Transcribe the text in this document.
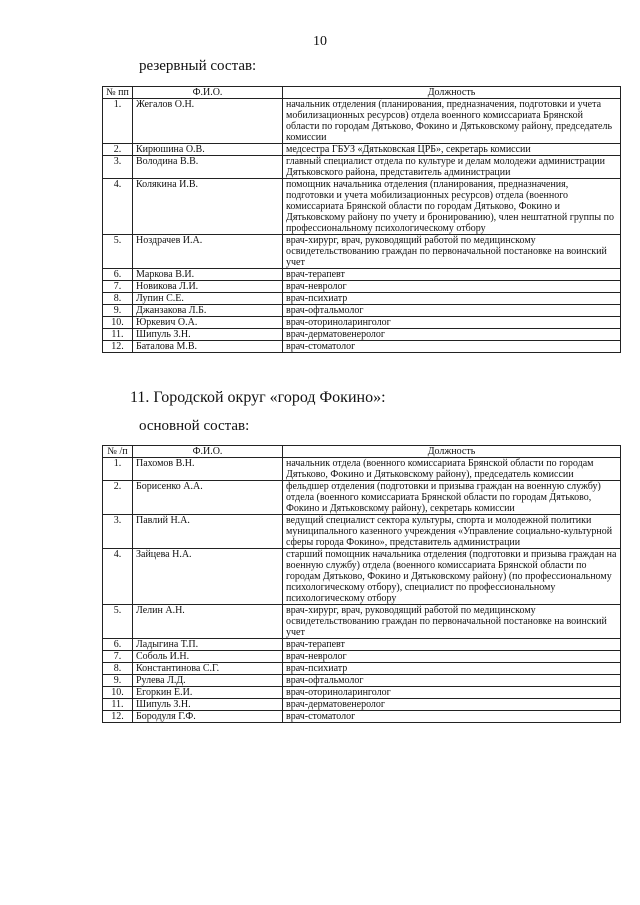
10
резервный состав:
№ пп	Ф.И.О.	Должность
1.	Жегалов О.Н.	начальник отделения (планирования, предназначения, подготовки и учета мобилизационных ресурсов) отдела военного комиссариата Брянской области по городам Дятьково, Фокино и Дятьковскому району, председатель комиссии
2.	Кирюшина О.В.	медсестра ГБУЗ «Дятьковская ЦРБ», секретарь комиссии
3.	Володина В.В.	главный специалист отдела по культуре и делам молодежи администрации Дятьковского района, представитель администрации
4.	Колякина И.В.	помощник начальника отделения (планирования, предназначения, подготовки и учета мобилизационных ресурсов) отдела (военного комиссариата Брянской области по городам Дятьково, Фокино и Дятьковскому району по учету и бронированию), член нештатной группы по профессиональному психологическому отбору
5.	Ноздрачев И.А.	врач-хирург, врач, руководящий работой по медицинскому освидетельствованию граждан по первоначальной постановке на воинский учет
6.	Маркова В.И.	врач-терапевт
7.	Новикова Л.И.	врач-невролог
8.	Лупин С.Е.	врач-психиатр
9.	Джанзакова Л.Б.	врач-офтальмолог
10.	Юркевич О.А.	врач-оториноларинголог
11.	Шипуль З.Н.	врач-дерматовенеролог
12.	Баталова М.В.	врач-стоматолог
11. Городской округ «город Фокино»:
основной состав:
№ /п	Ф.И.О.	Должность
1.	Пахомов В.Н.	начальник отдела (военного комиссариата Брянской области по городам Дятьково, Фокино и Дятьковскому району), председатель комиссии
2.	Борисенко А.А.	фельдшер отделения (подготовки и призыва граждан на военную службу) отдела (военного комиссариата Брянской области по городам Дятьково, Фокино и Дятьковскому району), секретарь комиссии
3.	Павлий Н.А.	ведущий специалист сектора культуры, спорта и молодежной политики муниципального казенного учреждения «Управление социально-культурной сферы города Фокино», представитель администрации
4.	Зайцева Н.А.	старший помощник начальника отделения (подготовки и призыва граждан на военную службу) отдела (военного комиссариата Брянской области по городам Дятьково, Фокино и Дятьковскому району) (по профессиональному психологическому отбору), специалист по профессиональному психологическому отбору
5.	Лелин А.Н.	врач-хирург, врач, руководящий работой по медицинскому освидетельствованию граждан по первоначальной постановке на воинский учет
6.	Ладыгина Т.П.	врач-терапевт
7.	Соболь И.Н.	врач-невролог
8.	Константинова С.Г.	врач-психиатр
9.	Рулева Л.Д.	врач-офтальмолог
10.	Егоркин Е.И.	врач-оториноларинголог
11.	Шипуль З.Н.	врач-дерматовенеролог
12.	Бородуля Г.Ф.	врач-стоматолог
